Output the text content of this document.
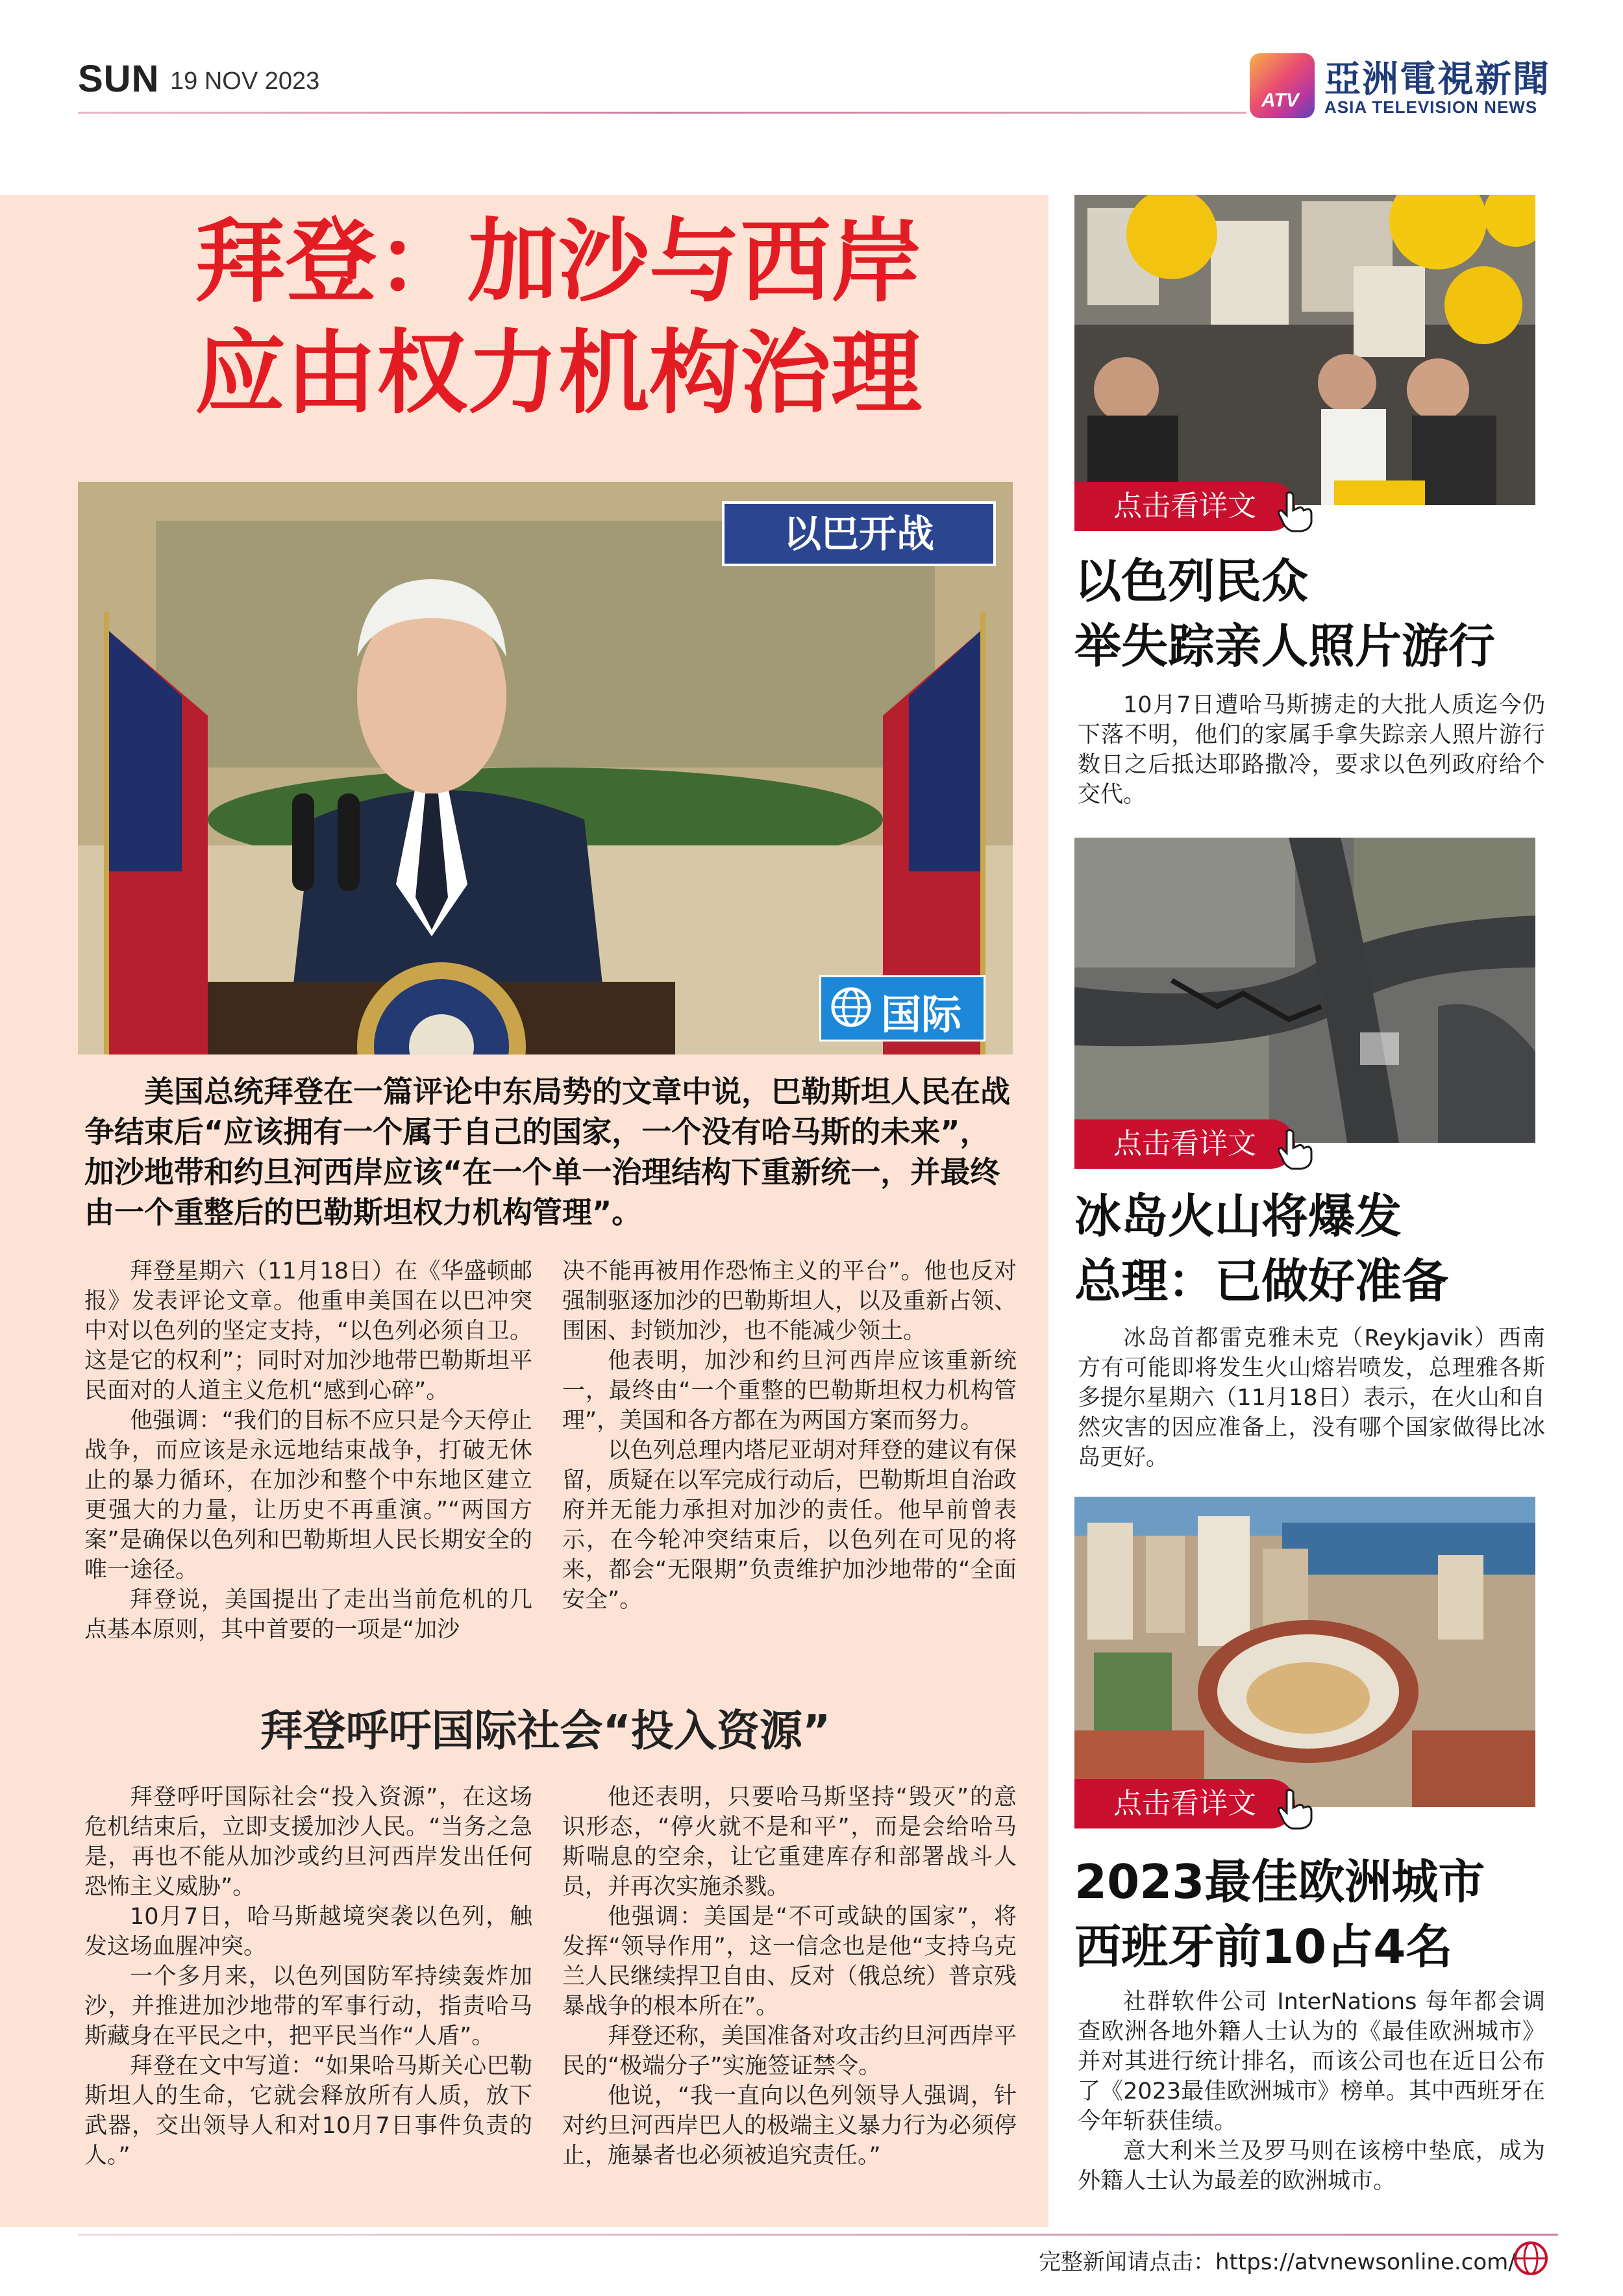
SUN 19 NOV 2023
ATV 亞洲電視新聞
ASIA TELEVISION NEWS
拜登：加沙与西岸
应由权力机构治理
以巴开战
国际
美国总统拜登在一篇评论中东局势的文章中说，巴勒斯坦人民在战争结束后“应该拥有一个属于自己的国家，一个没有哈马斯的未来”，加沙地带和约旦河西岸应该“在一个单一治理结构下重新统一，并最终由一个重整后的巴勒斯坦权力机构管理”。

拜登星期六（11月18日）在《华盛顿邮报》发表评论文章。他重申美国在以巴冲突中对以色列的坚定支持，“以色列必须自卫。这是它的权利”；同时对加沙地带巴勒斯坦平民面对的人道主义危机“感到心碎”。

他强调：“我们的目标不应只是今天停止战争，而应该是永远地结束战争，打破无休止的暴力循环，在加沙和整个中东地区建立更强大的力量，让历史不再重演。”“两国方案”是确保以色列和巴勒斯坦人民长期安全的唯一途径。

拜登说，美国提出了走出当前危机的几点基本原则，其中首要的一项是“加沙

决不能再被用作恐怖主义的平台”。他也反对强制驱逐加沙的巴勒斯坦人，以及重新占领、围困、封锁加沙，也不能减少领土。

他表明，加沙和约旦河西岸应该重新统一，最终由“一个重整的巴勒斯坦权力机构管理”，美国和各方都在为两国方案而努力。

以色列总理内塔尼亚胡对拜登的建议有保留，质疑在以军完成行动后，巴勒斯坦自治政府并无能力承担对加沙的责任。他早前曾表示，在今轮冲突结束后，以色列在可见的将来，都会“无限期”负责维护加沙地带的“全面安全”。

拜登呼吁国际社会“投入资源”

拜登呼吁国际社会“投入资源”，在这场危机结束后，立即支援加沙人民。“当务之急是，再也不能从加沙或约旦河西岸发出任何恐怖主义威胁”。

10月7日，哈马斯越境突袭以色列，触发这场血腥冲突。

一个多月来，以色列国防军持续轰炸加沙，并推进加沙地带的军事行动，指责哈马斯藏身在平民之中，把平民当作“人盾”。

拜登在文中写道：“如果哈马斯关心巴勒斯坦人的生命，它就会释放所有人质，放下武器，交出领导人和对10月7日事件负责的人。”

他还表明，只要哈马斯坚持“毁灭”的意识形态，“停火就不是和平”，而是会给哈马斯喘息的空余，让它重建库存和部署战斗人员，并再次实施杀戮。

他强调：美国是“不可或缺的国家”，将发挥“领导作用”，这一信念也是他“支持乌克兰人民继续捍卫自由、反对（俄总统）普京残暴战争的根本所在”。

拜登还称，美国准备对攻击约旦河西岸平民的“极端分子”实施签证禁令。

他说，“我一直向以色列领导人强调，针对约旦河西岸巴人的极端主义暴力行为必须停止，施暴者也必须被追究责任。”

点击看详文
以色列民众
举失踪亲人照片游行

10月7日遭哈马斯掳走的大批人质迄今仍下落不明，他们的家属手拿失踪亲人照片游行数日之后抵达耶路撒冷，要求以色列政府给个交代。

点击看详文
冰岛火山将爆发
总理：已做好准备

冰岛首都雷克雅未克（Reykjavik）西南方有可能即将发生火山熔岩喷发，总理雅各斯多提尔星期六（11月18日）表示，在火山和自然灾害的因应准备上，没有哪个国家做得比冰岛更好。

点击看详文
2023最佳欧洲城市
西班牙前10占4名

社群软件公司 InterNations 每年都会调查欧洲各地外籍人士认为的《最佳欧洲城市》并对其进行统计排名，而该公司也在近日公布了《2023最佳欧洲城市》榜单。其中西班牙在今年斩获佳绩。

意大利米兰及罗马则在该榜中垫底，成为外籍人士认为最差的欧洲城市。

完整新闻请点击：https://atvnewsonline.com/
